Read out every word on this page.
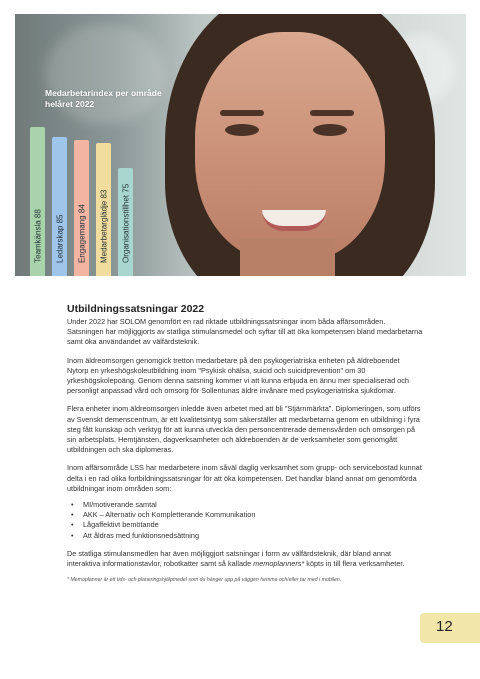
Medarbetarindex per område helåret 2022
Teamkänsla 88 Ledarskap 85 Engagemang 84 Medarbetarglädje 83 Organisationstillhet 75
Utbildningssatsningar 2022

Under 2022 har SOLOM genomfört en rad riktade utbildningssatsningar inom båda affärsområden. Satsningen har möjliggjorts av statliga stimulansmedel och syftar till att öka kompetensen bland medarbetarna samt öka användandet av välfärdsteknik.

Inom äldreomsorgen genomgick tretton medarbetare på den psykogeriatriska enheten på äldreboendet Nytorp en yrkeshögskoleutbildning inom "Psykisk ohälsa, suicid och suicidprevention" om 30 yrkeshögskolepoäng. Genom denna satsning kommer vi att kunna erbjuda en ännu mer specialiserad och personligt anpassad vård och omsorg för Sollentunas äldre invånare med psykogeriatriska sjukdomar.

Flera enheter inom äldreomsorgen inledde även arbetet med att bli "Stjärnmärkta". Diplomeringen, som utförs av Svenskt demenscentrum, är ett kvalitetsintyg som säkerställer att medarbetarna genom en utbildning i fyra steg fått kunskap och verktyg för att kunna utveckla den personcentrerade demensvården och omsorgen på sin arbetsplats. Hemtjänsten, dagverksamheter och äldreboenden är de verksamheter som genomgått utbildningen och ska diplomeras.

Inom affärsområde LSS har medarbetere inom såväl daglig verksamhet som grupp- och servicebostad kunnat delta i en rad olika fortbildningssatsningar för att öka kompetensen. Det handlar bland annat om genomförda utbildningar inom områden som:

• MI/motiverande samtal
• AKK – Alternativ och Kompletterande Kommunikation
• Lågaffektivt bemötande
• Att åldras med funktionsnedsättning

De statliga stimulansmedlen har även möjliggjort satsningar i form av välfärdsteknik, där bland annat interaktiva informationstavlor, robotkatter samt så kallade memoplanners* köpts in till flera verksamheter.

* Memoplanner är ett tids- och planeringshjälpmedel som du hänger upp på väggen hemma och/eller tar med i mobilen.
12
